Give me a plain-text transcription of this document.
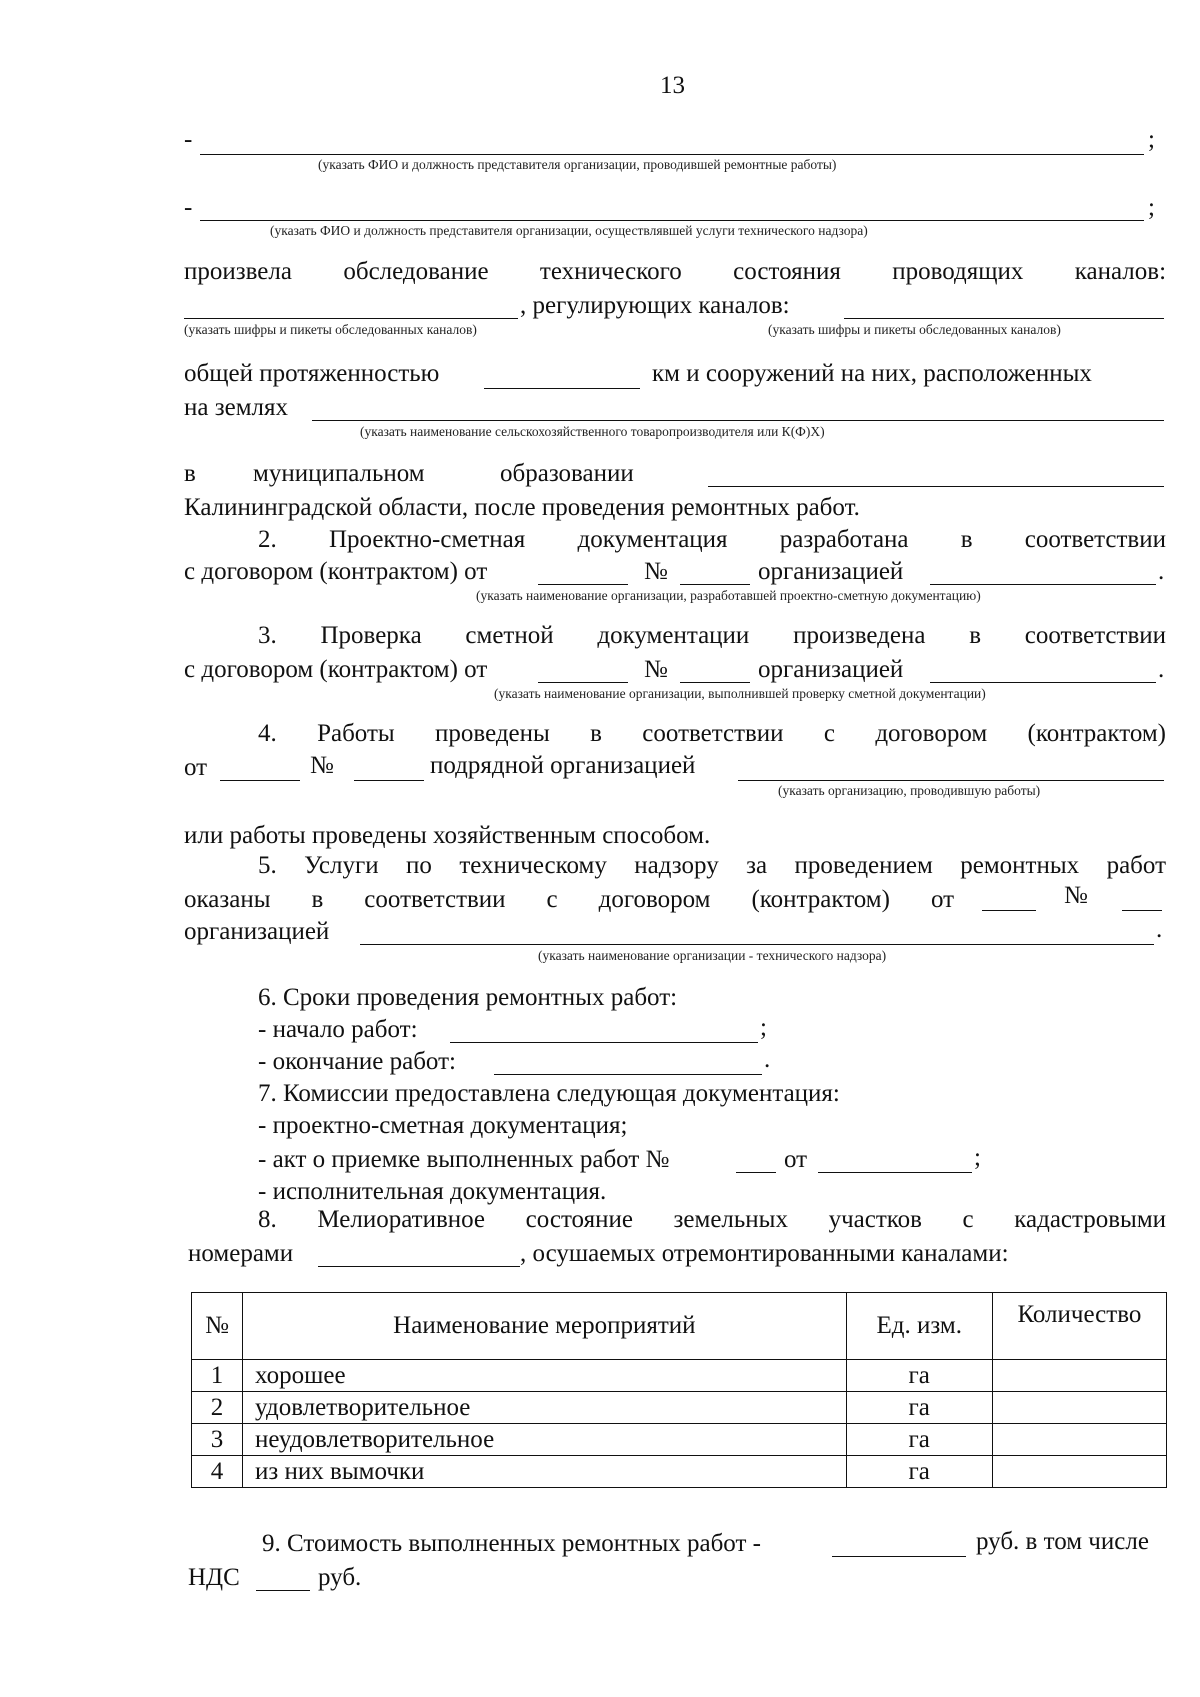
13
-	;
(указать ФИО и должность представителя организации, проводившей ремонтные работы)
-	;
(указать ФИО и должность представителя организации, осуществлявшей услуги технического надзора)
произвела обследование технического состояния проводящих каналов:
, регулирующих каналов:
(указать шифры и пикеты обследованных каналов)	(указать шифры и пикеты обследованных каналов)
общей протяженностью	км и сооружений на них, расположенных
на землях
(указать наименование сельскохозяйственного товаропроизводителя или К(Ф)Х)
в муниципальном	образовании
Калининградской области, после проведения ремонтных работ.
2. Проектно-сметная документация разработана в соответствии
с договором (контрактом) от	№	организацией	.
(указать наименование организации, разработавшей проектно-сметную документацию)
3. Проверка сметной документации произведена в соответствии
с договором (контрактом) от	№	организацией	.
(указать наименование организации, выполнившей проверку сметной документации)
4. Работы проведены в соответствии с договором (контрактом)
от	№	подрядной организацией
(указать организацию, проводившую работы)
или работы проведены хозяйственным способом.
5. Услуги по техническому надзору за проведением ремонтных работ
оказаны в соответствии с договором (контрактом) от	№
организацией	.
(указать наименование организации - технического надзора)
6. Сроки проведения ремонтных работ:
- начало работ:	;
- окончание работ:	.
7. Комиссии предоставлена следующая документация:
- проектно-сметная документация;
- акт о приемке выполненных работ №	от	;
- исполнительная документация.
8. Мелиоративное состояние земельных участков с кадастровыми
номерами	, осушаемых отремонтированными каналами:
№	Наименование мероприятий	Ед. изм.	Количество
1	хорошее	га	
2	удовлетворительное	га	
3	неудовлетворительное	га	
4	из них вымочки	га	
9. Стоимость выполненных ремонтных работ -	руб. в том числе
НДС	руб.
